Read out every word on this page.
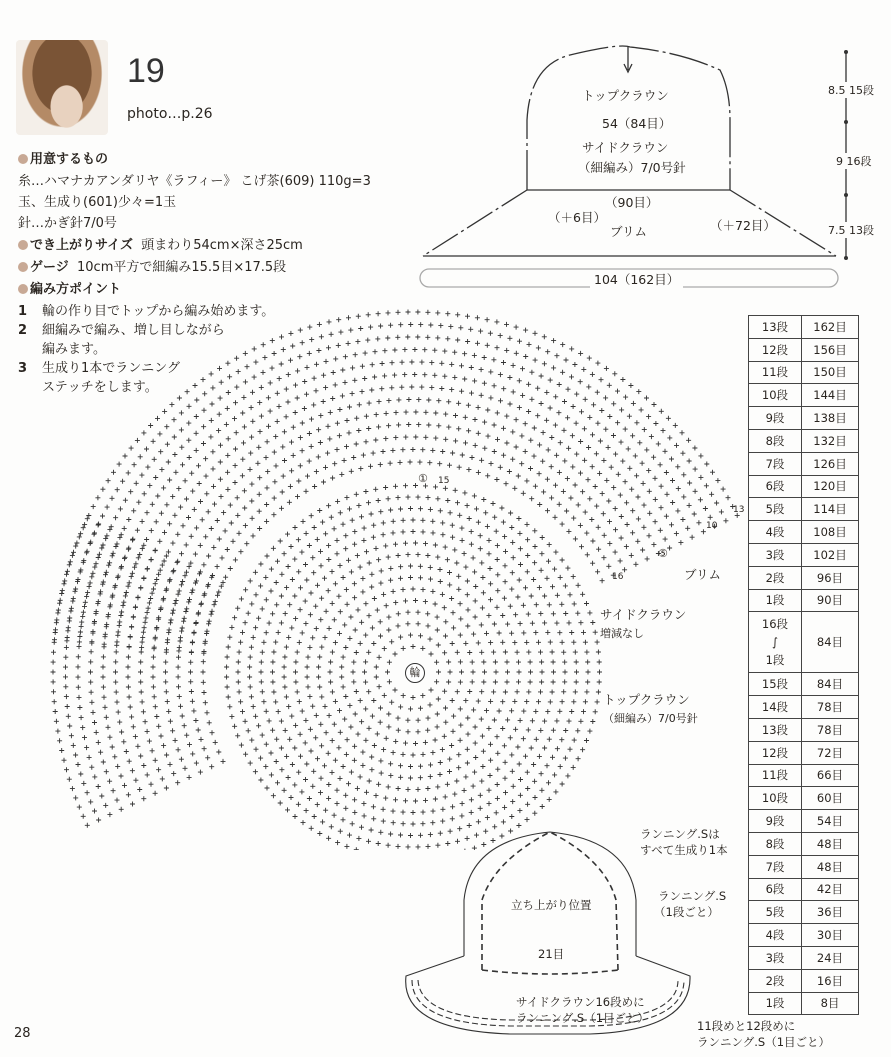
19
photo…p.26
用意するもの
糸…ハマナカアンダリヤ《ラフィー》 こげ茶(609) 110g=3
玉、生成り(601)少々=1玉
針…かぎ針7/0号
でき上がりサイズ 頭まわり54cm×深さ25cm
ゲージ 10cm平方で細編み15.5目×17.5段
編み方ポイント
1 輪の作り目でトップから編み始めます。
2 細編みで編み、増し目しながら
編みます。
3 生成り1本でランニング
ステッチをします。
トップクラウン
54（84目）
サイドクラウン
（細編み）7/0号針
（90目）
（＋6目）
（＋72目）
ブリム
104（162目）
8.5 15段
9 16段
7.5 13段
輪
① 15
16
⑤
10
13
ブリム
サイドクラウン
増減なし
トップクラウン
（細編み）7/0号針
13段	162目
12段	156目
11段	150目
10段	144目
9段	138目
8段	132目
7段	126目
6段	120目
5段	114目
4段	108目
3段	102目
2段	96目
1段	90目

16段
∫
1段	84目
15段	84目
14段	78目
13段	78目
12段	72目
11段	66目
10段	60目
9段	54目
8段	48目
7段	48目
6段	42目
5段	36目
4段	30目
3段	24目
2段	16目
1段	8目
ランニング.Sは
すべて生成り1本
立ち上がり位置
ランニング.S
（1段ごと）
21目
サイドクラウン16段めに
ランニング.S（1目ごと）
11段めと12段めに
ランニング.S（1目ごと）
28
